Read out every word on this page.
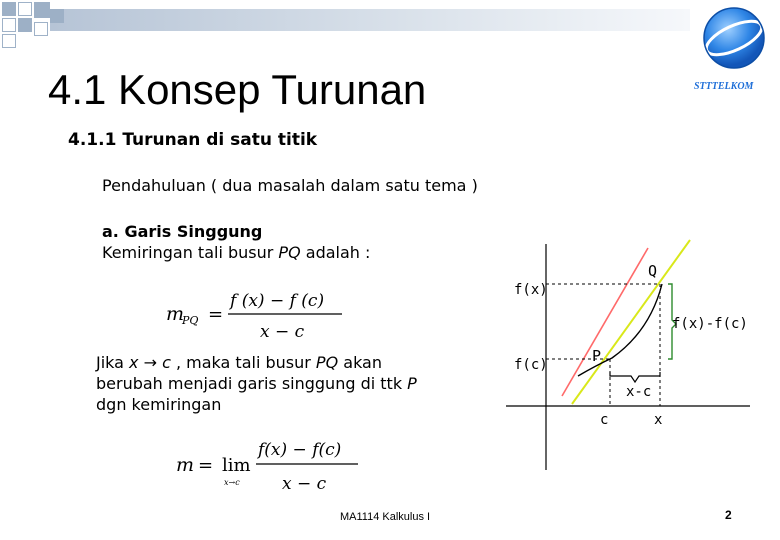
STTTELKOM
4.1 Konsep Turunan
4.1.1 Turunan di satu titik
Pendahuluan ( dua masalah dalam satu tema )
a. Garis Singgung
Kemiringan tali busur PQ adalah :
Jika x → c , maka tali busur PQ akan
berubah menjadi garis singgung di ttk P
dgn kemiringan
m
PQ =
f (x) − f (c)
x − c
m = lim
x→c
f(x) − f(c)
x − c
f(x)
f(c)
Q
P
f(x)-f(c)
x-c
c	x
MA1114 Kalkulus I	2
